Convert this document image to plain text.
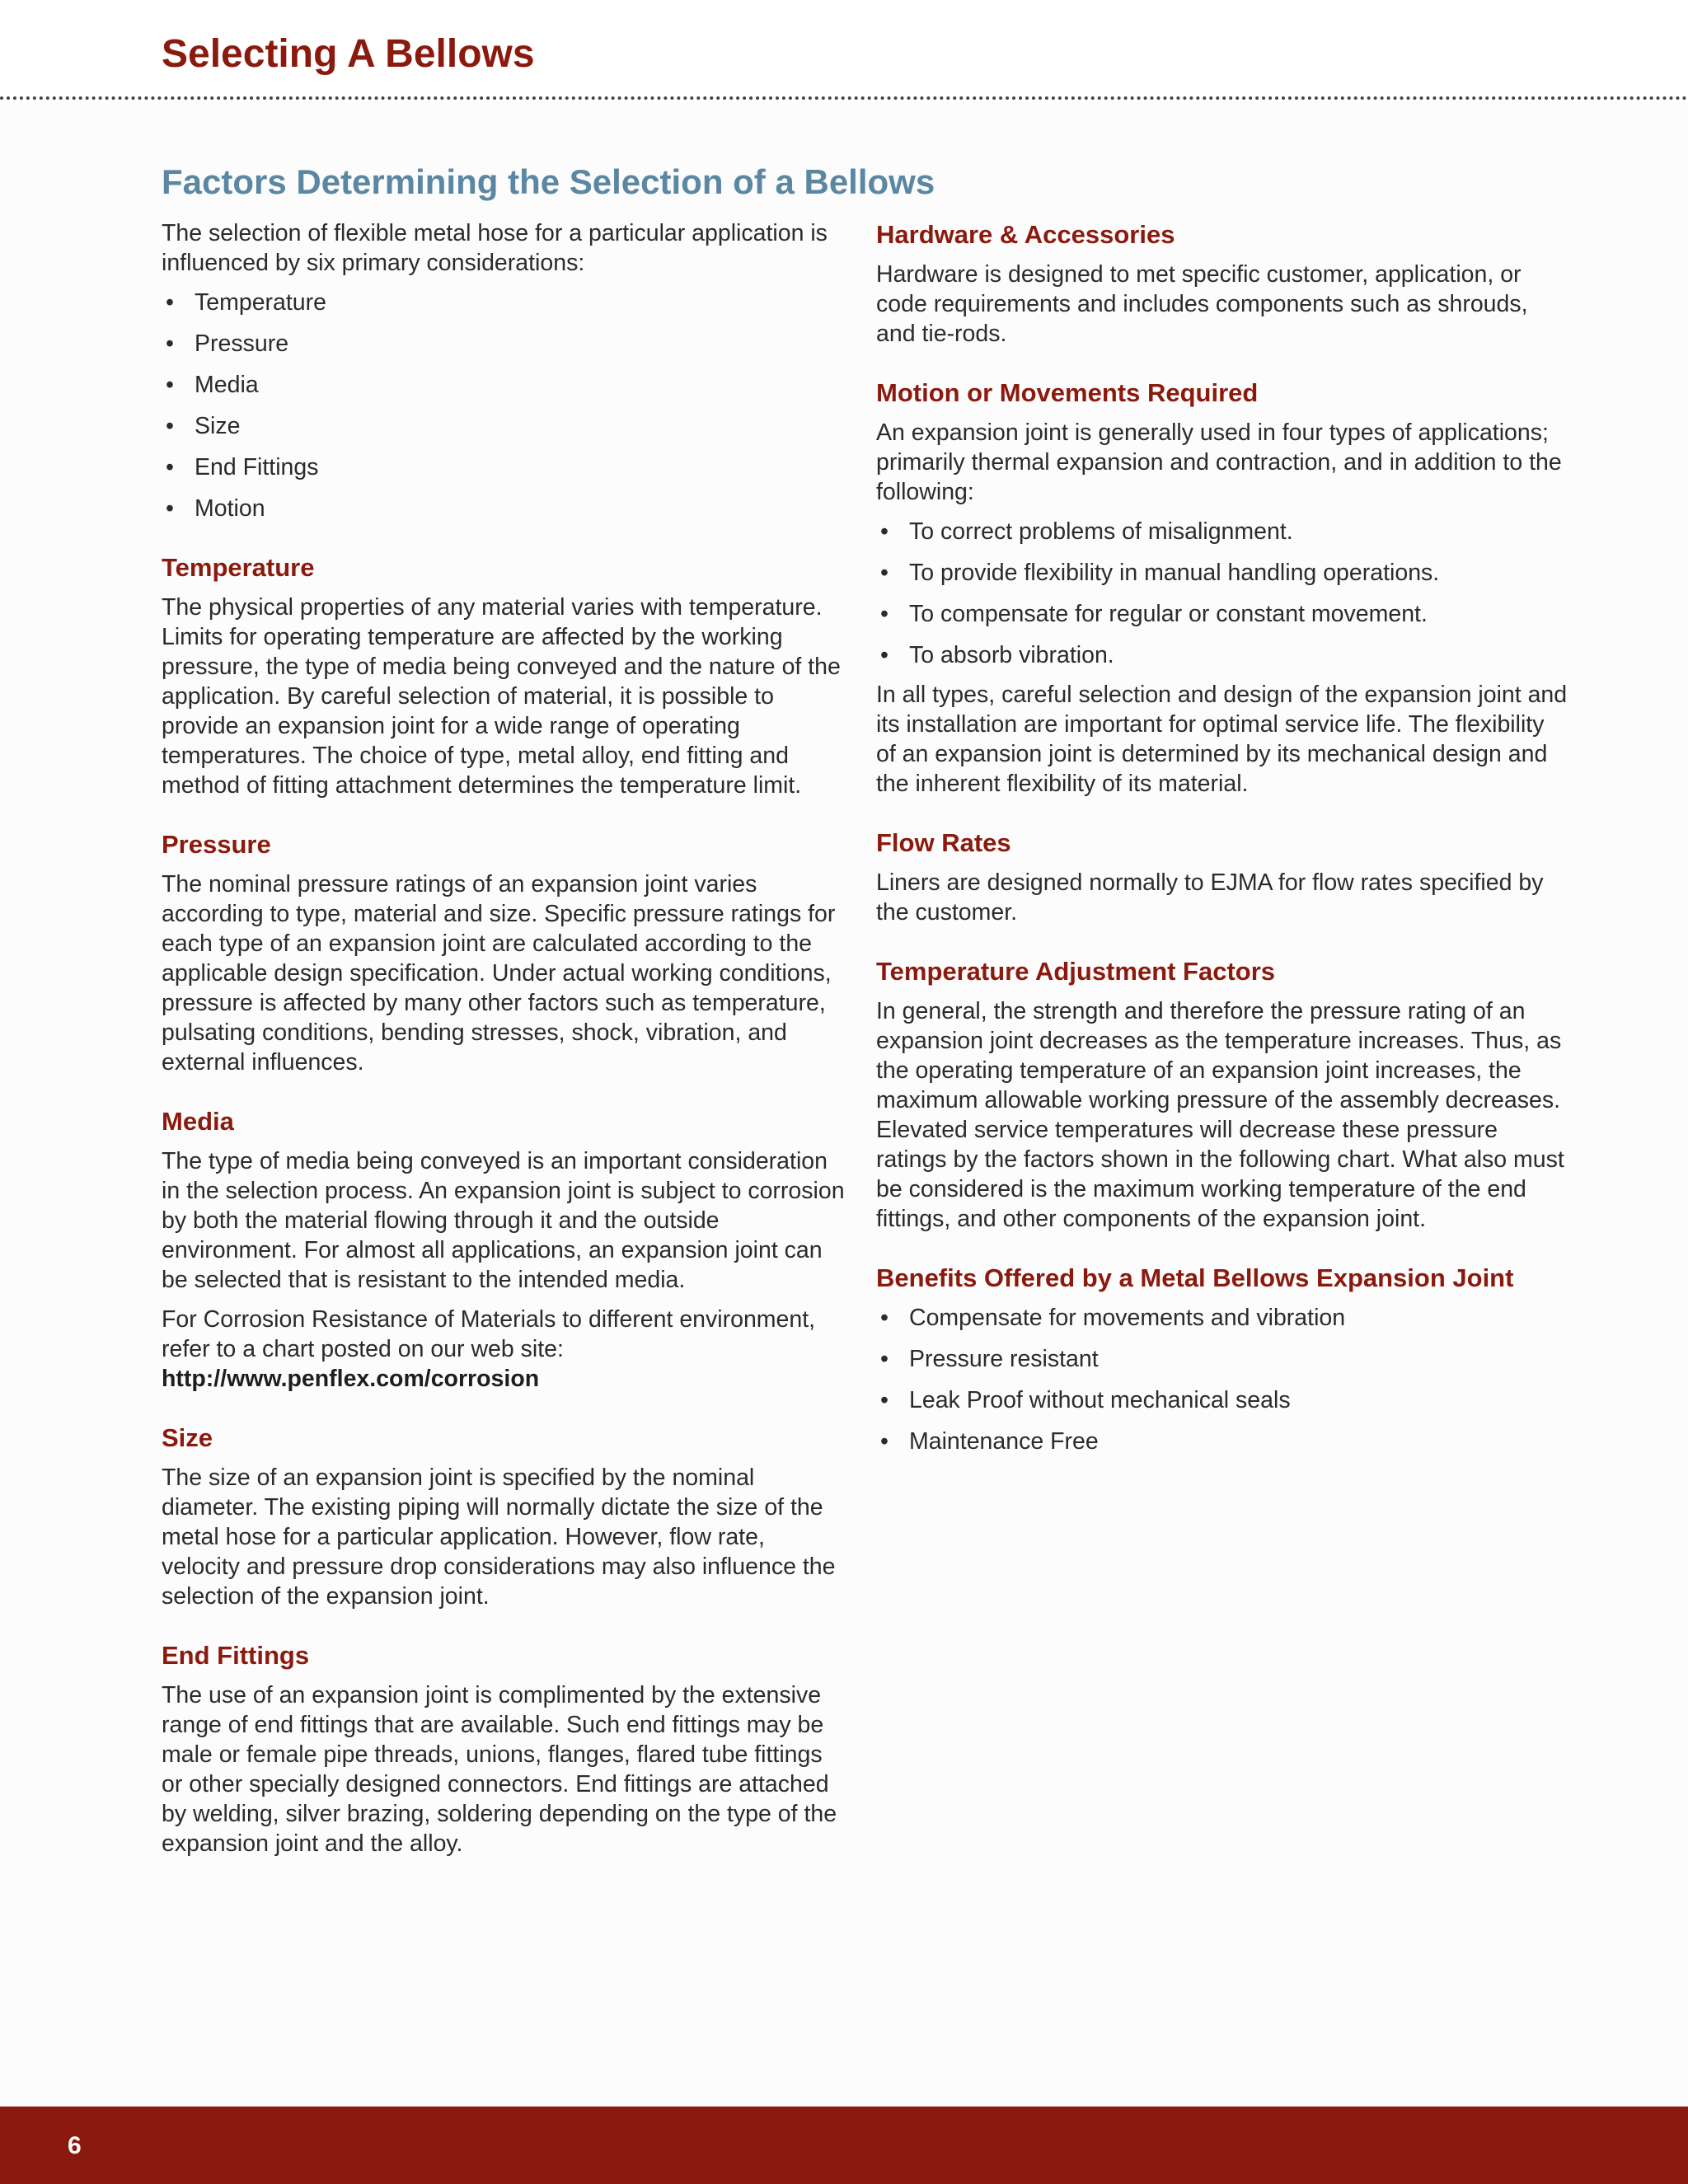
Selecting A Bellows
Factors Determining the Selection of a Bellows

The selection of flexible metal hose for a particular application is influenced by six primary considerations:

• Temperature
• Pressure
• Media
• Size
• End Fittings
• Motion
Temperature

The physical properties of any material varies with temperature. Limits for operating temperature are affected by the working pressure, the type of media being conveyed and the nature of the application. By careful selection of material, it is possible to provide an expansion joint for a wide range of operating temperatures. The choice of type, metal alloy, end fitting and method of fitting attachment determines the temperature limit.

Pressure

The nominal pressure ratings of an expansion joint varies according to type, material and size. Specific pressure ratings for each type of an expansion joint are calculated according to the applicable design specification. Under actual working conditions, pressure is affected by many other factors such as temperature, pulsating conditions, bending stresses, shock, vibration, and external influences.

Media

The type of media being conveyed is an important consideration in the selection process. An expansion joint is subject to corrosion by both the material flowing through it and the outside environment. For almost all applications, an expansion joint can be selected that is resistant to the intended media.

For Corrosion Resistance of Materials to different environment, refer to a chart posted on our web site:
http://www.penflex.com/corrosion

Size

The size of an expansion joint is specified by the nominal diameter. The existing piping will normally dictate the size of the metal hose for a particular application. However, flow rate, velocity and pressure drop considerations may also influence the selection of the expansion joint.

End Fittings

The use of an expansion joint is complimented by the extensive range of end fittings that are available. Such end fittings may be male or female pipe threads, unions, flanges, flared tube fittings or other specially designed connectors. End fittings are attached by welding, silver brazing, soldering depending on the type of the expansion joint and the alloy.

Hardware & Accessories

Hardware is designed to met specific customer, application, or code requirements and includes components such as shrouds, and tie-rods.

Motion or Movements Required

An expansion joint is generally used in four types of applications; primarily thermal expansion and contraction, and in addition to the following:

• To correct problems of misalignment.
• To provide flexibility in manual handling operations.
• To compensate for regular or constant movement.
• To absorb vibration.

In all types, careful selection and design of the expansion joint and its installation are important for optimal service life. The flexibility of an expansion joint is determined by its mechanical design and the inherent flexibility of its material.

Flow Rates

Liners are designed normally to EJMA for flow rates specified by the customer.

Temperature Adjustment Factors

In general, the strength and therefore the pressure rating of an expansion joint decreases as the temperature increases. Thus, as the operating temperature of an expansion joint increases, the maximum allowable working pressure of the assembly decreases. Elevated service temperatures will decrease these pressure ratings by the factors shown in the following chart. What also must be considered is the maximum working temperature of the end fittings, and other components of the expansion joint.

Benefits Offered by a Metal Bellows Expansion Joint
• Compensate for movements and vibration
• Pressure resistant
• Leak Proof without mechanical seals
• Maintenance Free
6
